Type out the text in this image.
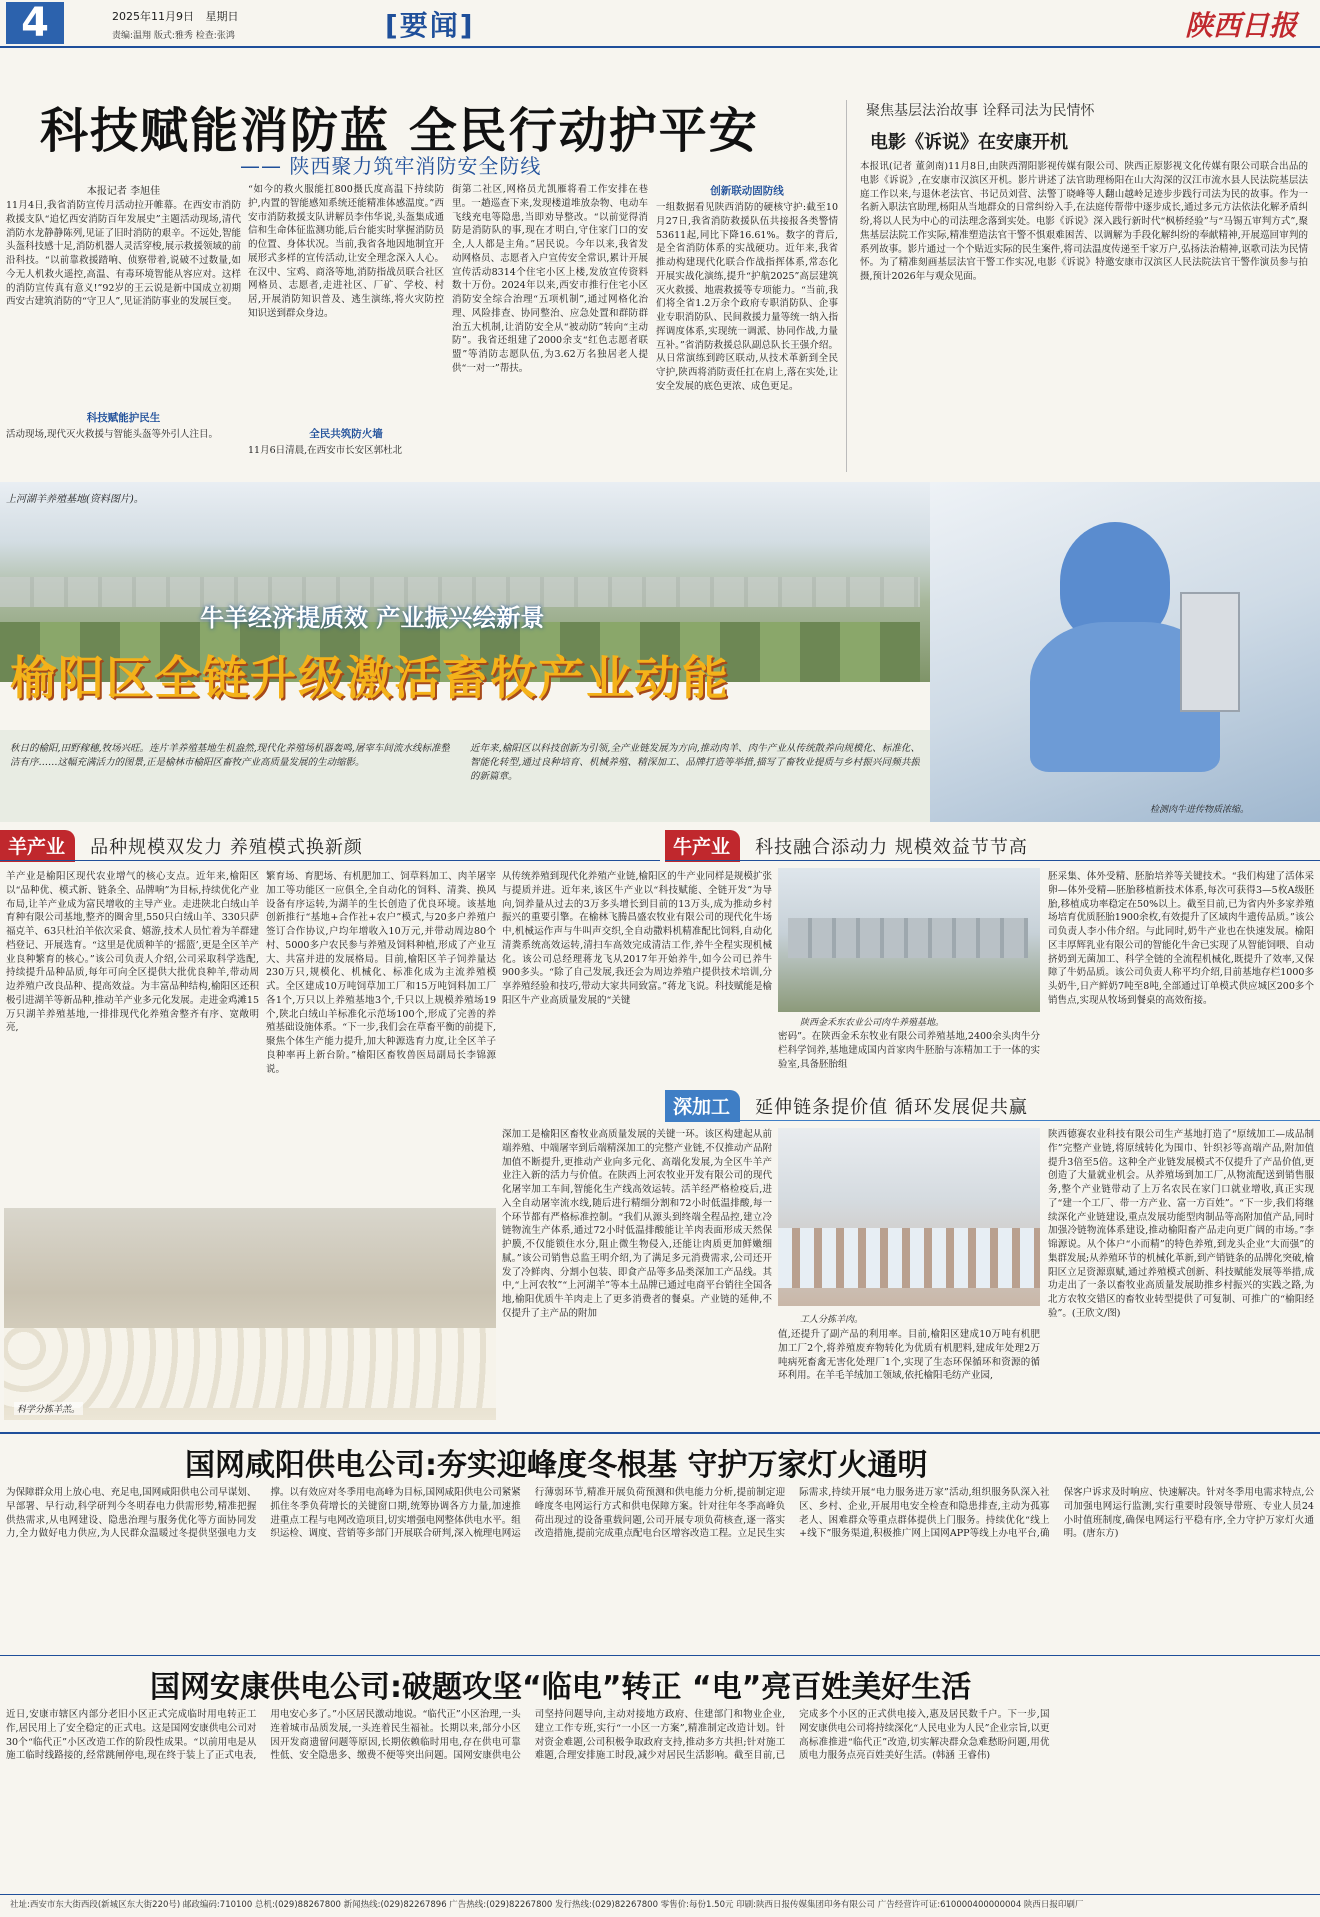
4	2025年11月9日 星期日
责编:温翔 版式:雅秀 检查:张鸿	[要闻]	陕西日报
科技赋能消防蓝 全民行动护平安
—— 陕西聚力筑牢消防安全防线
本报记者 李旭佳
11月4日,我省消防宣传月活动拉开帷幕。在西安市消防救援支队“追忆西安消防百年发展史”主题活动现场,清代消防水龙静静陈列,见证了旧时消防的艰辛。不远处,智能头盔科技感十足,消防机器人灵活穿梭,展示救援领域的前沿科技。“以前靠救援踏响、侦察带着,说破不过数量,如今无人机救火遥控,高温、有毒环境智能从容应对。这样的消防宣传真有意义!”92岁的王云说是新中国成立初期西安古建筑消防的“守卫人”,见证消防事业的发展巨变。
科技赋能护民生
活动现场,现代灭火救援与智能头盔等外引人注目。
“如今的救火服能扛800摄氏度高温下持续防护,内置的智能感知系统还能精准体感温度。”西安市消防救援支队讲解员李伟华说,头盔集成通信和生命体征监测功能,后台能实时掌握消防员的位置、身体状况。当前,我省各地因地制宜开展形式多样的宣传活动,让安全理念深入人心。在汉中、宝鸡、商洛等地,消防指战员联合社区网格员、志愿者,走进社区、厂矿、学校、村居,开展消防知识普及、逃生演练,将火灾防控知识送到群众身边。
全民共筑防火墙
11月6日清晨,在西安市长安区郭杜北
街第二社区,网格员尤凯雁将看工作安排在巷里。一趟巡查下来,发现楼道堆放杂物、电动车飞线充电等隐患,当即劝导整改。“以前觉得消防是消防队的事,现在才明白,守住家门口的安全,人人都是主角。”居民说。今年以来,我省发动网格员、志愿者入户宣传安全常识,累计开展宣传活动8314个住宅小区上楼,发放宣传资料数十万份。2024年以来,西安市推行住宅小区消防安全综合治理“五项机制”,通过网格化治理、风险排查、协同整治、应急处置和群防群治五大机制,让消防安全从“被动防”转向“主动防”。我省还组建了2000余支“红色志愿者联盟”等消防志愿队伍,为3.62万名独居老人提供“一对一”帮扶。
创新联动固防线
一组数据看见陕西消防的硬核守护:截至10月27日,我省消防救援队伍共接报各类警情53611起,同比下降16.61%。数字的背后,是全省消防体系的实战硬功。近年来,我省推动构建现代化联合作战指挥体系,常态化开展实战化演练,提升“护航2025”高层建筑灭火救援、地震救援等专项能力。“当前,我们将全省1.2万余个政府专职消防队、企事业专职消防队、民间救援力量等统一纳入指挥调度体系,实现统一调派、协同作战,力量互补。”省消防救援总队副总队长王强介绍。从日常演练到跨区联动,从技术革新到全民守护,陕西将消防责任扛在肩上,落在实处,让安全发展的底色更浓、成色更足。
聚焦基层法治故事 诠释司法为民情怀
电影《诉说》在安康开机
本报讯(记者 董剑南)11月8日,由陕西渭阳影视传媒有限公司、陕西正原影视文化传媒有限公司联合出品的电影《诉说》,在安康市汉滨区开机。影片讲述了法官助理杨阳在山大沟深的汉江市流水县人民法院基层法庭工作以来,与退休老法官、书记员刘营、法警丁晓峰等人翻山越岭足迹步步践行司法为民的故事。作为一名新入职法官助理,杨阳从当地群众的日常纠纷入手,在法庭传帮带中逐步成长,通过多元方法依法化解矛盾纠纷,将以人民为中心的司法理念落到实处。电影《诉说》深入践行新时代“枫桥经验”与“马锡五审判方式”,聚焦基层法院工作实际,精准塑造法官干警不惧艰难困苦、以调解为手段化解纠纷的奉献精神,开展巡回审判的系列故事。影片通过一个个贴近实际的民生案件,将司法温度传递至千家万户,弘扬法治精神,讴歌司法为民情怀。为了精准刻画基层法官干警工作实况,电影《诉说》特邀安康市汉滨区人民法院法官干警作演员参与拍摄,预计2026年与观众见面。
上河湖羊养殖基地(资料图片)。
检测肉牛进传物质浓缩。
牛羊经济提质效 产业振兴绘新景
榆阳区全链升级激活畜牧产业动能
秋日的榆阳,田野稼穗,牧场兴旺。连片羊养殖基地生机盎然,现代化养殖场机器轰鸣,屠宰车间流水线标准整洁有序……这幅充满活力的图景,正是榆林市榆阳区畜牧产业高质量发展的生动缩影。
近年来,榆阳区以科技创新为引领,全产业链发展为方向,推动肉羊、肉牛产业从传统散养向规模化、标准化、智能化转型,通过良种培育、机械养殖、精深加工、品牌打造等举措,描写了畜牧业提质与乡村振兴同频共振的新篇章。
羊产业 品种规模双发力 养殖模式换新颜
羊产业是榆阳区现代农业增气的核心支点。近年来,榆阳区以“品种优、模式新、链条全、品牌响”为目标,持续优化产业布局,让羊产业成为富民增收的主导产业。走进陕北白绒山羊育种有限公司基地,整齐的圈舍里,550只白绒山羊、330只萨福克羊、63只杜泊羊依次采食、嬉游,技术人员忙着为羊群建档登记、开展选育。“这里是优质种羊的‘摇篮’,更是全区羊产业良种繁育的核心。”该公司负责人介绍,公司采取科学选配,持续提升品种品质,每年可向全区提供大批优良种羊,带动周边养殖户改良品种、提高效益。为丰富品种结构,榆阳区还积极引进湖羊等新品种,推动羊产业多元化发展。走进金鸡滩15万只湖羊养殖基地,一排排现代化养殖舍整齐有序、宽敞明亮,
繁育场、育肥场、有机肥加工、饲草料加工、肉羊屠宰加工等功能区一应俱全,全自动化的饲料、清粪、换风设备有序运转,为湖羊的生长创造了优良环境。该基地创新推行“基地+合作社+农户”模式,与20多户养殖户签订合作协议,户均年增收入10万元,并带动周边80个村、5000多户农民参与养殖及饲料种植,形成了产业互大、共富并进的发展格局。目前,榆阳区羊子饲养量达230万只,规模化、机械化、标准化成为主流养殖模式。全区建成10万吨饲草加工厂和15万吨饲料加工厂各1个,万只以上养殖基地3个,千只以上规模养殖场19个,陕北白绒山羊标准化示范场100个,形成了完善的养殖基础设施体系。“下一步,我们会在草畜平衡的前提下,聚焦个体生产能力提升,加大种源选育力度,让全区羊子良种率再上新台阶。”榆阳区畜牧兽医局副局长李锦源说。
科学分拣羊羔。
牛产业 科技融合添动力 规模效益节节高
从传统养殖到现代化养殖产业链,榆阳区的牛产业同样是规模扩张与提质并进。近年来,该区牛产业以“科技赋能、全链开发”为导向,饲养量从过去的3万多头增长到目前的13万头,成为推动乡村振兴的重要引擎。在榆林飞腾昌盛农牧业有限公司的现代化牛场中,机械运作声与牛叫声交织,全自动撒料机精准配比饲料,自动化清粪系统高效运转,清扫车高效完成清洁工作,养牛全程实现机械化。该公司总经理蒋龙飞从2017年开始养牛,如今公司已养牛900多头。“除了自己发展,我还会为周边养殖户提供技术培训,分享养殖经验和技巧,带动大家共同致富。”蒋龙飞说。科技赋能是榆阳区牛产业高质量发展的“关键
陕西金禾东农业公司肉牛养殖基地。
密码”。在陕西金禾东牧业有限公司养殖基地,2400余头肉牛分栏科学饲养,基地建成国内首家肉牛胚胎与冻精加工于一体的实验室,具备胚胎组
胚采集、体外受精、胚胎培养等关键技术。“我们构建了活体采卵—体外受精—胚胎移植新技术体系,每次可获得3—5枚A级胚胎,移植成功率稳定在50%以上。截至目前,已为省内外多家养殖场培育优质胚胎1900余枚,有效提升了区域肉牛遗传品质。”该公司负责人李小伟介绍。与此同时,奶牛产业也在快速发展。榆阳区丰厚辉乳业有限公司的智能化牛舍已实现了从智能饲喂、自动挤奶到无菌加工、科学全链的全流程机械化,既提升了效率,又保障了牛奶品质。该公司负责人称平均介绍,目前基地存栏1000多头奶牛,日产鲜奶7吨至8吨,全部通过订单模式供应城区200多个销售点,实现从牧场到餐桌的高效衔接。
深加工 延伸链条提价值 循环发展促共赢
深加工是榆阳区畜牧业高质量发展的关键一环。该区构建起从前端养殖、中端屠宰到后端精深加工的完整产业链,不仅推动产品附加值不断提升,更推动产业向多元化、高端化发展,为全区牛羊产业注入新的活力与价值。在陕西上河农牧业开发有限公司的现代化屠宰加工车间,智能化生产线高效运转。活羊经严格检疫后,进入全自动屠宰流水线,随后进行精细分割和72小时低温排酸,每一个环节都有严格标准控制。“我们从源头到终端全程品控,建立冷链物流生产体系,通过72小时低温排酸能让羊肉表面形成天然保护膜,不仅能锁住水分,阻止微生物侵入,还能让肉质更加鲜嫩细腻。”该公司销售总监王明介绍,为了满足多元消费需求,公司还开发了冷鲜肉、分割小包装、即食产品等多品类深加工产品线。其中,“上河农牧”“上河湖羊”等本土品牌已通过电商平台销往全国各地,榆阳优质牛羊肉走上了更多消费者的餐桌。产业链的延伸,不仅提升了主产品的附加
工人分拣羊肉。
值,还提升了副产品的利用率。目前,榆阳区建成10万吨有机肥加工厂2个,将养殖废弃物转化为优质有机肥料,建成年处理2万吨病死畜禽无害化处理厂1个,实现了生态环保循环和资源的循环利用。在羊毛羊绒加工领域,依托榆阳毛纺产业园,
陕西德赛农业科技有限公司生产基地打造了“原绒加工—成品制作”完整产业链,将原绒转化为围巾、针织衫等高端产品,附加值提升3倍至5倍。这种全产业链发展模式不仅提升了产品价值,更创造了大量就业机会。从养殖场到加工厂,从物流配送到销售服务,整个产业链带动了上万名农民在家门口就业增收,真正实现了“建一个工厂、带一方产业、富一方百姓”。“下一步,我们将继续深化产业链建设,重点发展功能型肉制品等高附加值产品,同时加强冷链物流体系建设,推动榆阳畜产品走向更广阔的市场。”李锦源说。从个体户“小而精”的特色养殖,到龙头企业“大而强”的集群发展;从养殖环节的机械化革新,到产销链条的品牌化突破,榆阳区立足资源禀赋,通过养殖模式创新、科技赋能发展等举措,成功走出了一条以畜牧业高质量发展助推乡村振兴的实践之路,为北方农牧交错区的畜牧业转型提供了可复制、可推广的“榆阳经验”。(王欣文/图)
国网咸阳供电公司:夯实迎峰度冬根基 守护万家灯火通明
为保障群众用上放心电、充足电,国网咸阳供电公司早谋划、早部署、早行动,科学研判今冬明春电力供需形势,精准把握供热需求,从电网建设、隐患治理与服务优化等方面协同发力,全力做好电力供应,为人民群众温暖过冬提供坚强电力支撑。以有效应对冬季用电高峰为目标,国网咸阳供电公司紧紧抓住冬季负荷增长的关键窗口期,统筹协调各方力量,加速推进重点工程与电网改造项目,切实增强电网整体供电水平。组织运检、调度、营销等多部门开展联合研判,深入梳理电网运行薄弱环节,精准开展负荷预测和供电能力分析,提前制定迎峰度冬电网运行方式和供电保障方案。针对往年冬季高峰负荷出现过的设备重载问题,公司开展专项负荷核查,逐一落实改造措施,提前完成重点配电台区增容改造工程。立足民生实际需求,持续开展“电力服务进万家”活动,组织服务队深入社区、乡村、企业,开展用电安全检查和隐患排查,主动为孤寡老人、困难群众等重点群体提供上门服务。持续优化“线上+线下”服务渠道,积极推广网上国网APP等线上办电平台,确保客户诉求及时响应、快速解决。针对冬季用电需求特点,公司加强电网运行监测,实行重要时段领导带班、专业人员24小时值班制度,确保电网运行平稳有序,全力守护万家灯火通明。(唐东方)
国网安康供电公司:破题攻坚“临电”转正 “电”亮百姓美好生活
近日,安康市辖区内部分老旧小区正式完成临时用电转正工作,居民用上了安全稳定的正式电。这是国网安康供电公司对30个“临代正”小区改造工作的阶段性成果。“以前用电是从施工临时线路接的,经常跳闸停电,现在终于装上了正式电表,用电安心多了。”小区居民激动地说。“临代正”小区治理,一头连着城市品质发展,一头连着民生福祉。长期以来,部分小区因开发商遗留问题等原因,长期依赖临时用电,存在供电可靠性低、安全隐患多、缴费不便等突出问题。国网安康供电公司坚持问题导向,主动对接地方政府、住建部门和物业企业,建立工作专班,实行“一小区一方案”,精准制定改造计划。针对资金难题,公司积极争取政府支持,推动多方共担;针对施工难题,合理安排施工时段,减少对居民生活影响。截至目前,已完成多个小区的正式供电接入,惠及居民数千户。下一步,国网安康供电公司将持续深化“人民电业为人民”企业宗旨,以更高标准推进“临代正”改造,切实解决群众急难愁盼问题,用优质电力服务点亮百姓美好生活。(韩涵 王睿伟)
社址:西安市东大街西段(新城区东大街220号) 邮政编码:710100 总机:(029)88267800 新闻热线:(029)82267896 广告热线:(029)82267800 发行热线:(029)82267800 零售价:每份1.50元 印刷:陕西日报传媒集团印务有限公司 广告经营许可证:610000400000004 陕西日报印刷厂
